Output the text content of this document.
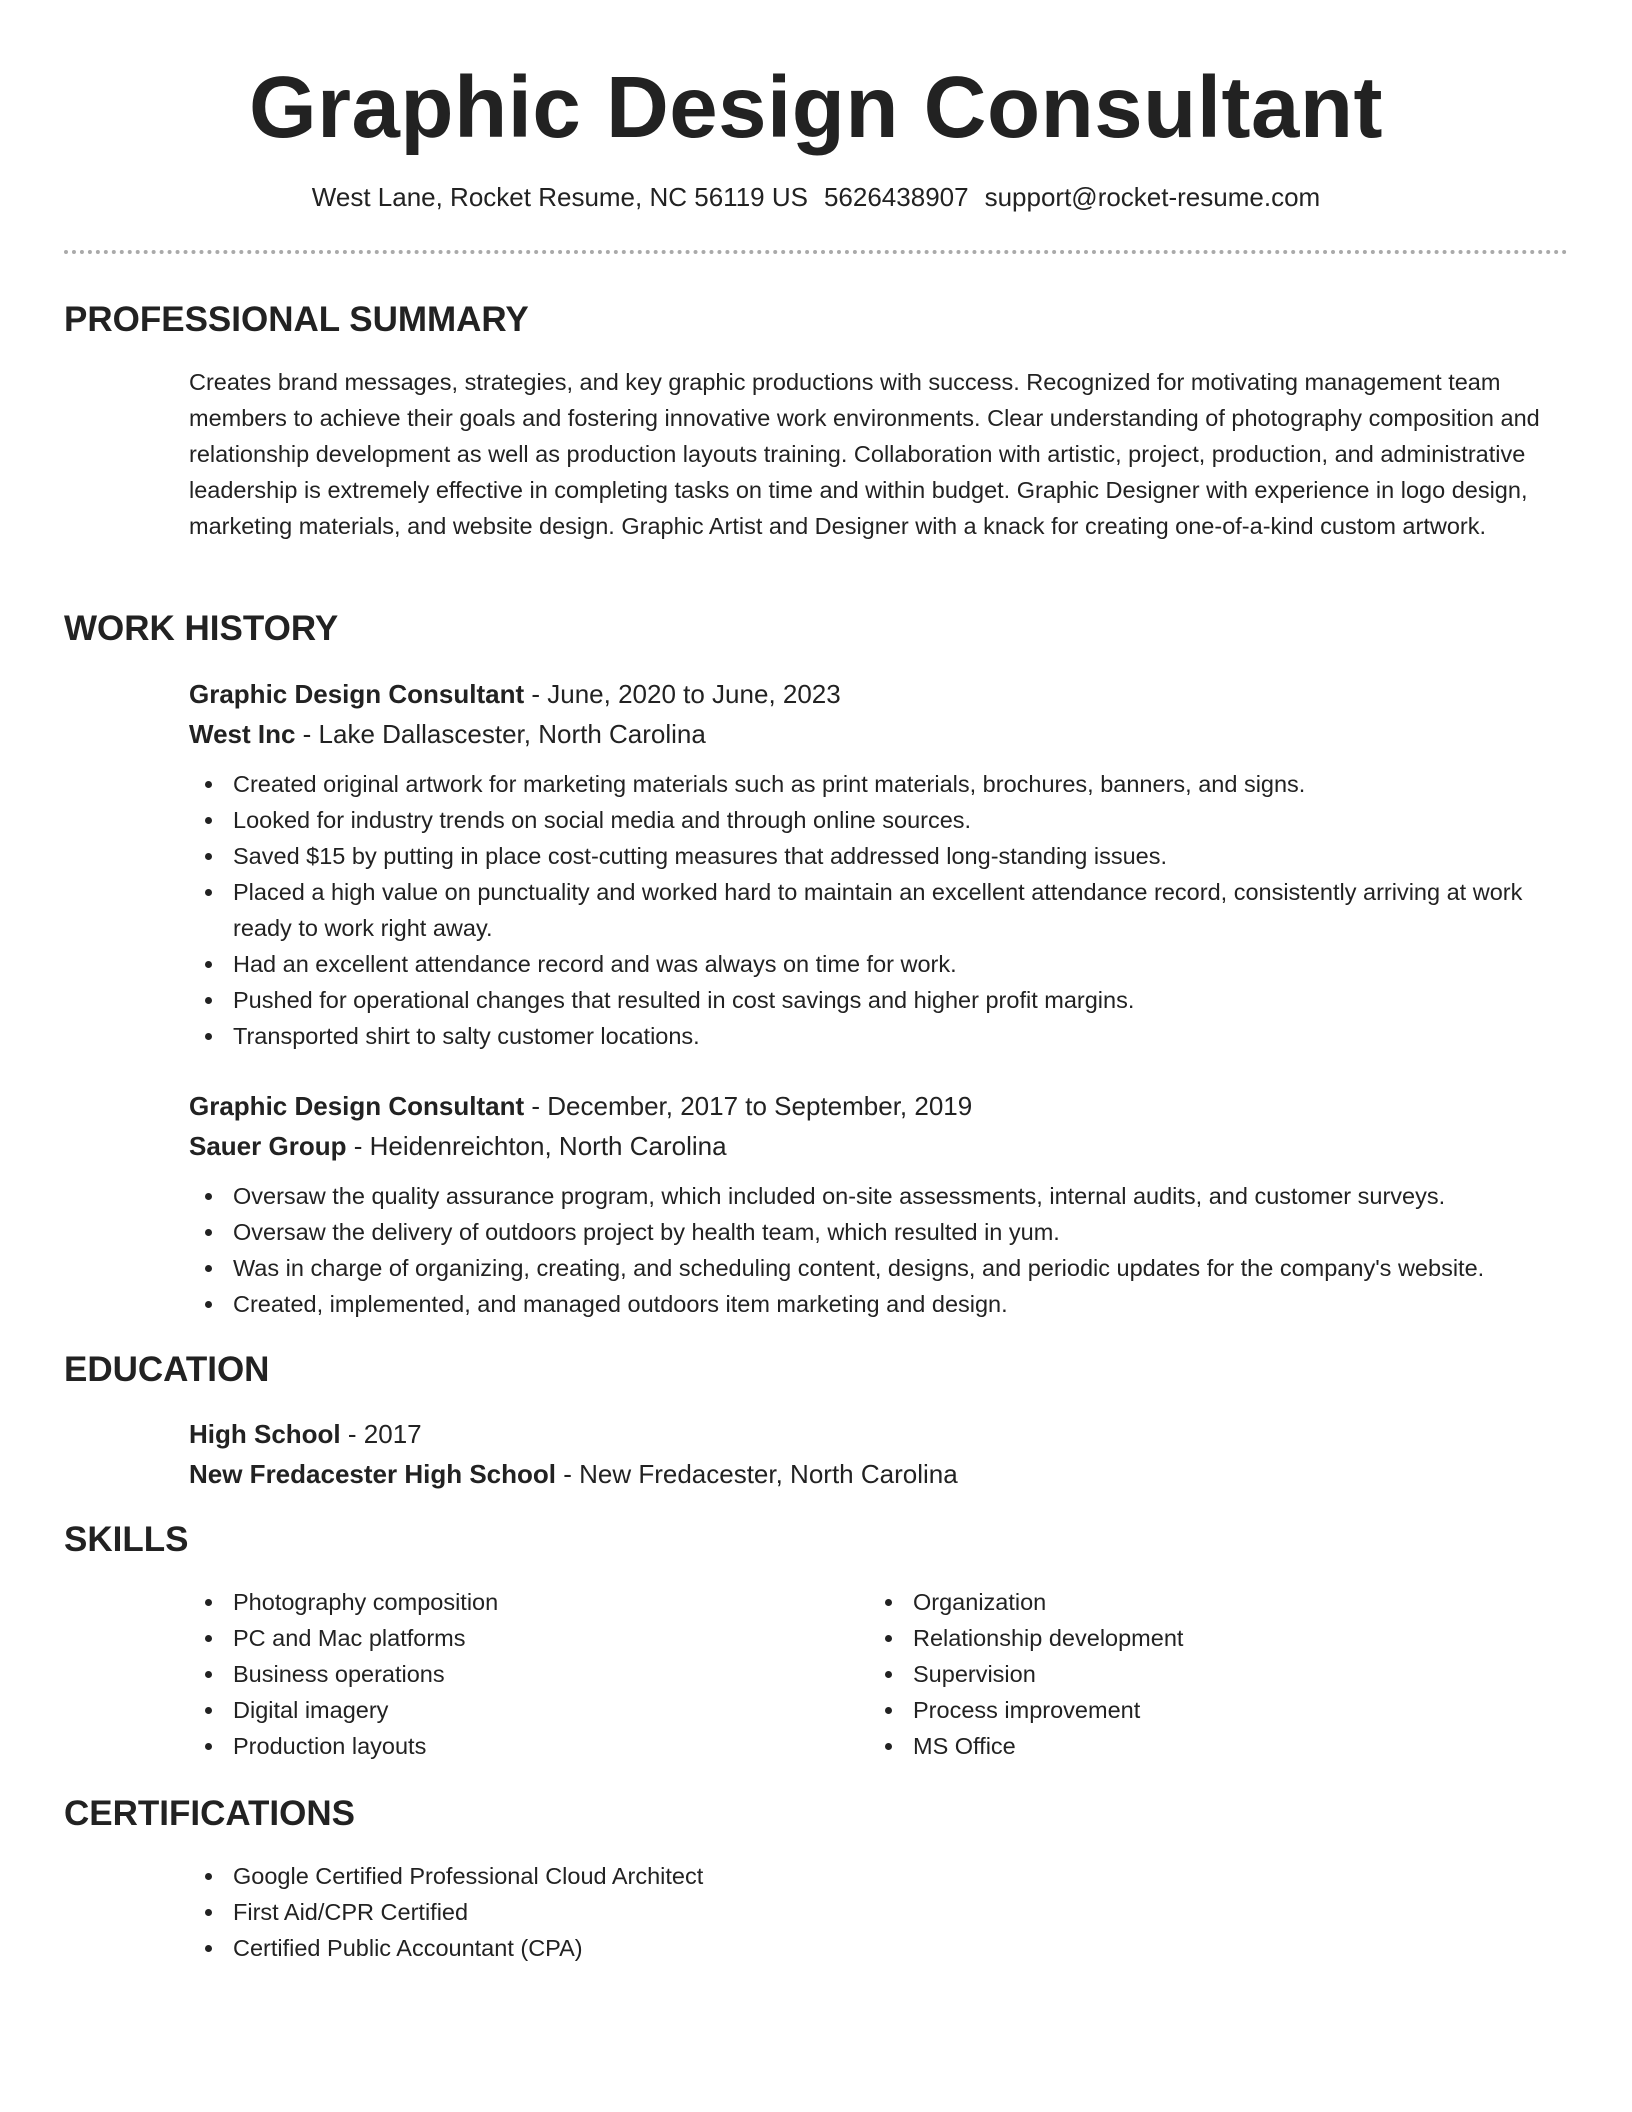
Graphic Design Consultant
West Lane, Rocket Resume, NC 56119 US 5626438907 support@rocket-resume.com
PROFESSIONAL SUMMARY

Creates brand messages, strategies, and key graphic productions with success. Recognized for motivating management team members to achieve their goals and fostering innovative work environments. Clear understanding of photography composition and relationship development as well as production layouts training. Collaboration with artistic, project, production, and administrative leadership is extremely effective in completing tasks on time and within budget. Graphic Designer with experience in logo design, marketing materials, and website design. Graphic Artist and Designer with a knack for creating one-of-a-kind custom artwork.

WORK HISTORY

Graphic Design Consultant - June, 2020 to June, 2023

West Inc - Lake Dallascester, North Carolina

Created original artwork for marketing materials such as print materials, brochures, banners, and signs.
Looked for industry trends on social media and through online sources.
Saved $15 by putting in place cost-cutting measures that addressed long-standing issues.
Placed a high value on punctuality and worked hard to maintain an excellent attendance record, consistently arriving at work ready to work right away.
Had an excellent attendance record and was always on time for work.
Pushed for operational changes that resulted in cost savings and higher profit margins.
Transported shirt to salty customer locations.

Graphic Design Consultant - December, 2017 to September, 2019

Sauer Group - Heidenreichton, North Carolina

Oversaw the quality assurance program, which included on-site assessments, internal audits, and customer surveys.
Oversaw the delivery of outdoors project by health team, which resulted in yum.
Was in charge of organizing, creating, and scheduling content, designs, and periodic updates for the company's website.
Created, implemented, and managed outdoors item marketing and design.
EDUCATION

High School - 2017

New Fredacester High School - New Fredacester, North Carolina

SKILLS
Photography composition
PC and Mac platforms
Business operations
Digital imagery
Production layouts
Organization
Relationship development
Supervision
Process improvement
MS Office
CERTIFICATIONS
Google Certified Professional Cloud Architect
First Aid/CPR Certified
Certified Public Accountant (CPA)
